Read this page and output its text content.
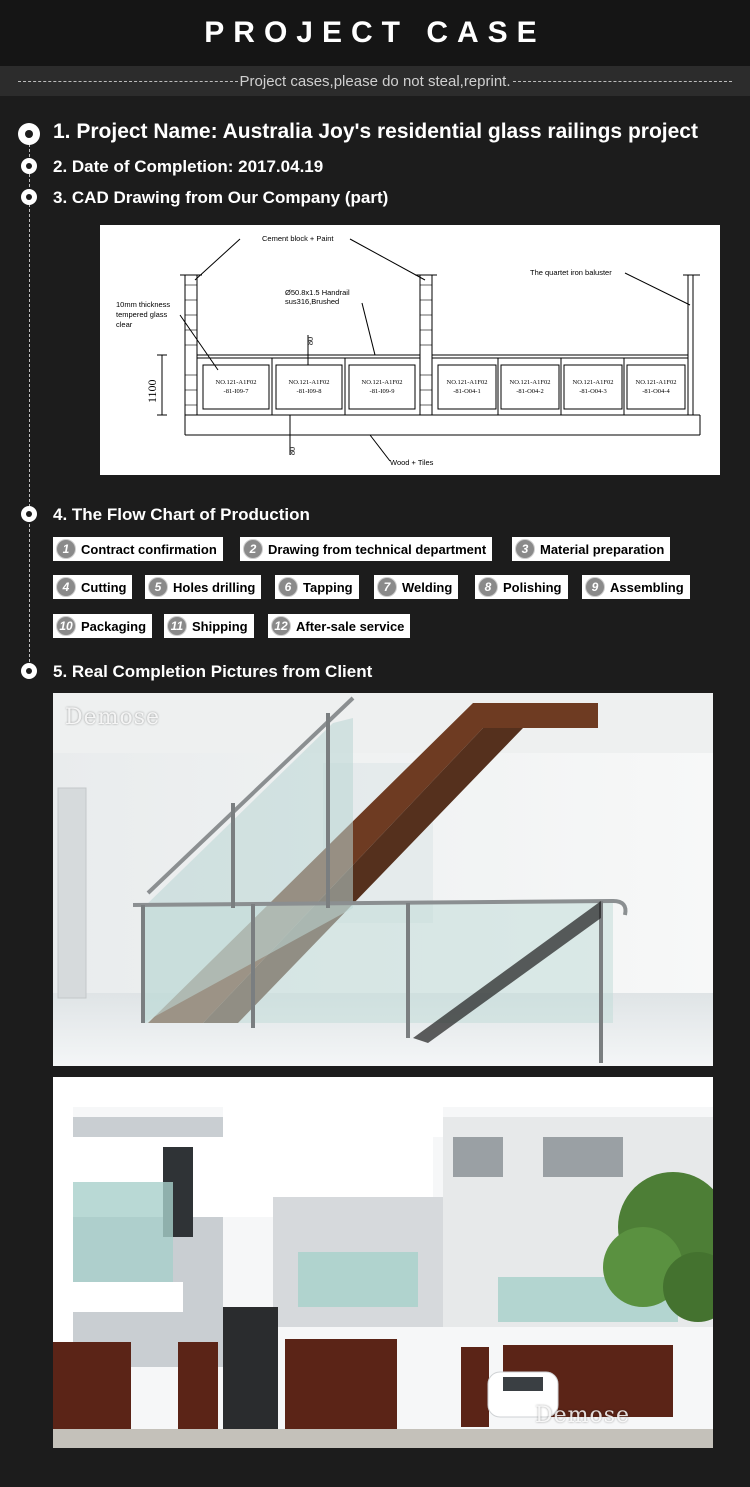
PROJECT CASE
Project cases,please do not steal,reprint.
1. Project Name: Australia Joy's residential glass railings project
2. Date of Completion: 2017.04.19
3. CAD Drawing from Our Company (part)
Cement block + Paint
The quartet iron baluster
10mm thickness
tempered glass
clear
Ø50.8x1.5 Handrail
sus316,Brushed
Wood + Tiles
1100
80
80
NO.121-A1F02
-81-I09-7
NO.121-A1F02
-81-I09-8
NO.121-A1F02
-81-I09-9
NO.121-A1F02
-81-O04-1
NO.121-A1F02
-81-O04-2
NO.121-A1F02
-81-O04-3
NO.121-A1F02
-81-O04-4
4. The Flow Chart of Production
1 Contract confirmation	2 Drawing from technical department	3 Material preparation
4 Cutting	5 Holes drilling	6 Tapping	7 Welding	8 Polishing	9 Assembling
10 Packaging	11 Shipping 12 After-sale service
5. Real Completion Pictures from Client
Demose
Demose
